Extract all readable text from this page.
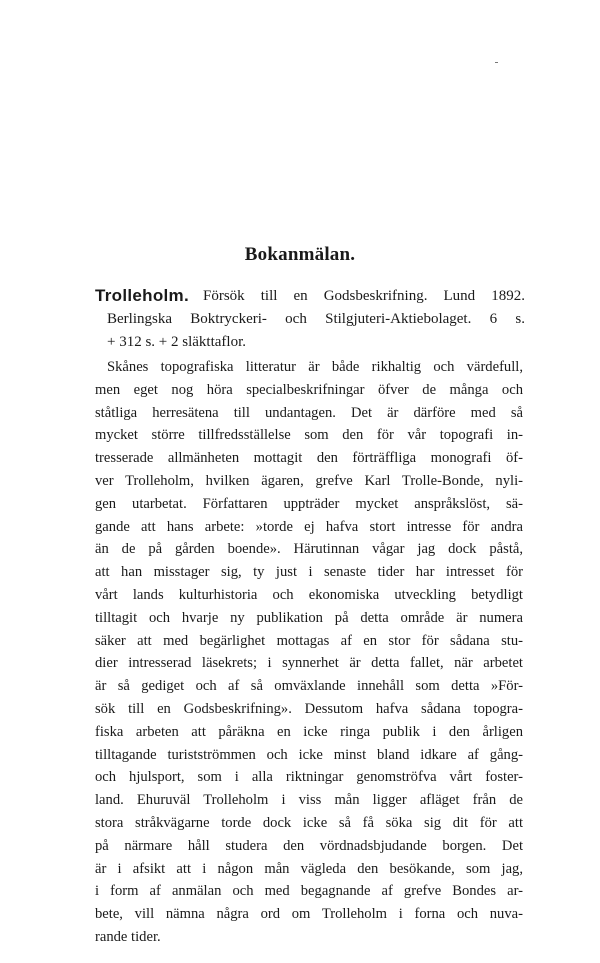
Bokanmälan.
Trolleholm. Försök till en Godsbeskrifning. Lund 1892.
Berlingska Boktryckeri- och Stilgjuteri-Aktiebolaget. 6 s.
+ 312 s. + 2 släkttaflor.
Skånes topografiska litteratur är både rikhaltig och värdefull,
men eget nog höra specialbeskrifningar öfver de många och
ståtliga herresätena till undantagen. Det är därföre med så
mycket större tillfredsställelse som den för vår topografi in-
tresserade allmänheten mottagit den förträffliga monografi öf-
ver Trolleholm, hvilken ägaren, grefve Karl Trolle-Bonde, nyli-
gen utarbetat. Författaren uppträder mycket anspråkslöst, sä-
gande att hans arbete: »torde ej hafva stort intresse för andra
än de på gården boende». Härutinnan vågar jag dock påstå,
att han misstager sig, ty just i senaste tider har intresset för
vårt lands kulturhistoria och ekonomiska utveckling betydligt
tilltagit och hvarje ny publikation på detta område är numera
säker att med begärlighet mottagas af en stor för sådana stu-
dier intresserad läsekrets; i synnerhet är detta fallet, när arbetet
är så gediget och af så omväxlande innehåll som detta »För-
sök till en Godsbeskrifning». Dessutom hafva sådana topogra-
fiska arbeten att påräkna en icke ringa publik i den årligen
tilltagande turistströmmen och icke minst bland idkare af gång-
och hjulsport, som i alla riktningar genomströfva vårt foster-
land. Ehuruväl Trolleholm i viss mån ligger afläget från de
stora stråkvägarne torde dock icke så få söka sig dit för att
på närmare håll studera den vördnadsbjudande borgen. Det
är i afsikt att i någon mån vägleda den besökande, som jag,
i form af anmälan och med begagnande af grefve Bondes ar-
bete, vill nämna några ord om Trolleholm i forna och nuva-
rande tider.
